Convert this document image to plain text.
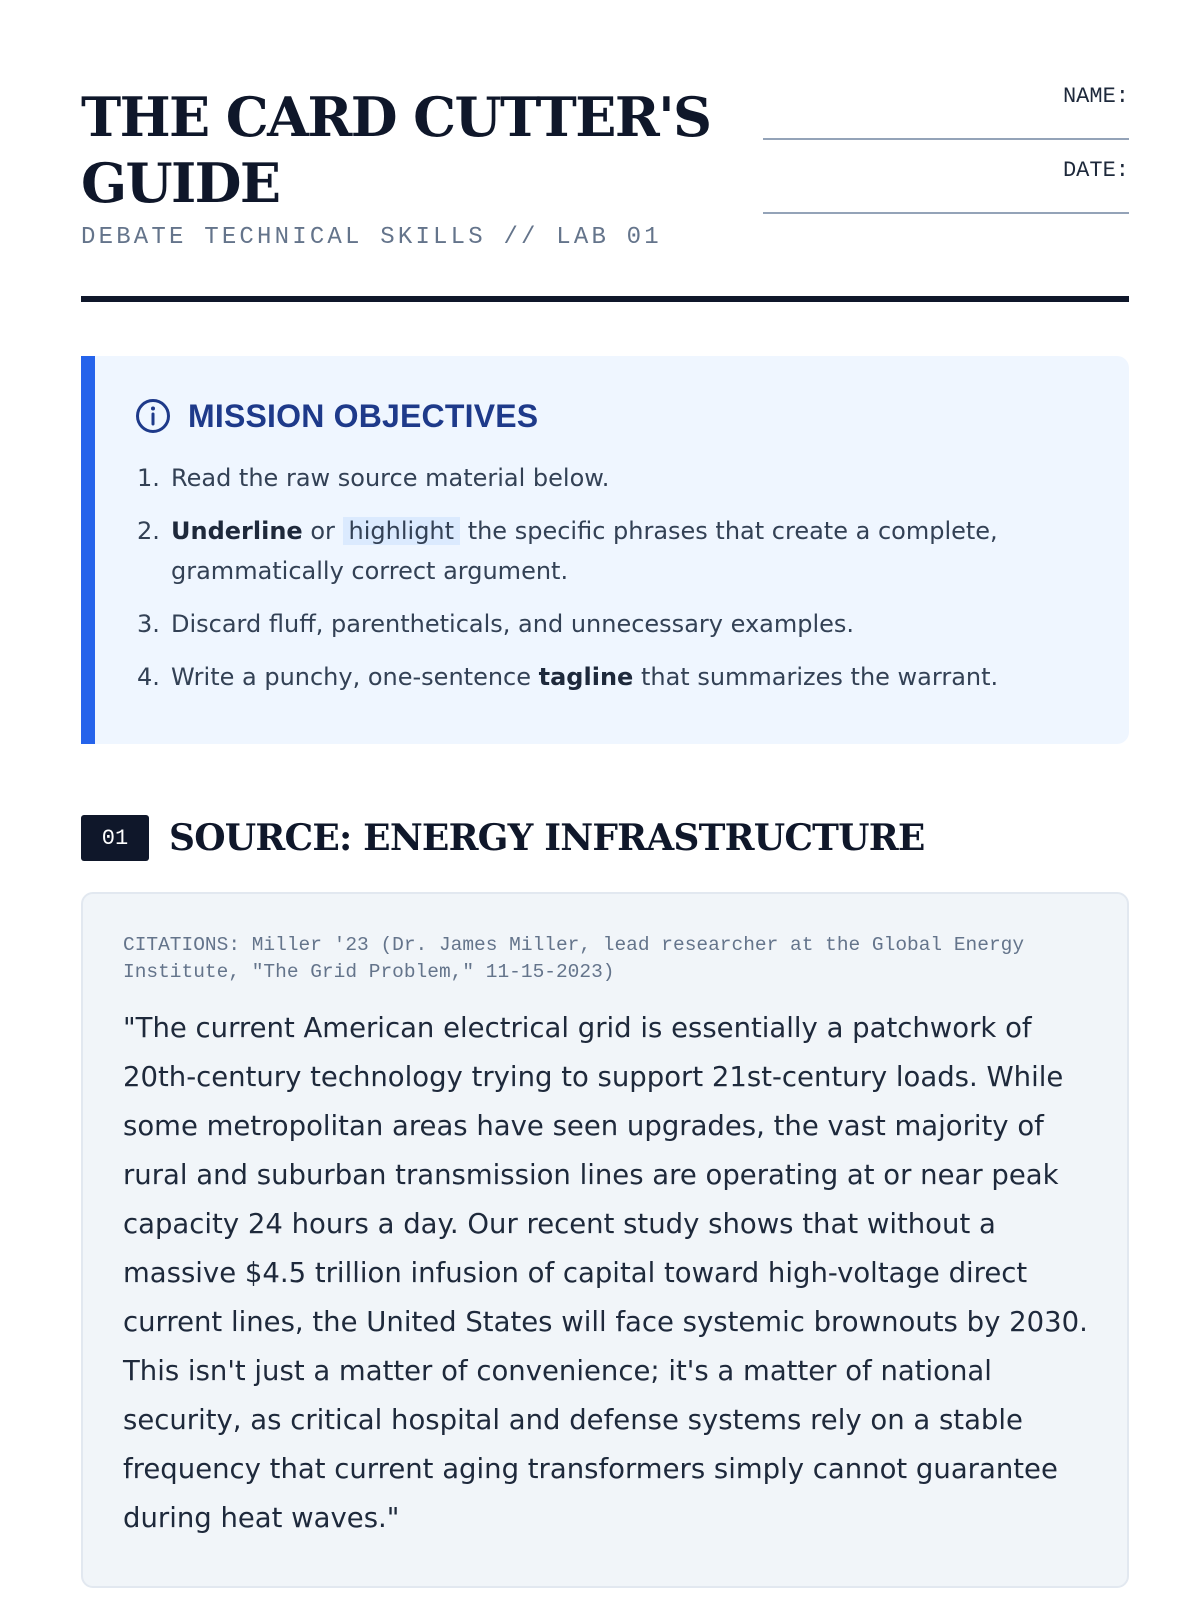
THE CARD CUTTER'S GUIDE
DEBATE TECHNICAL SKILLS // LAB 01
NAME:
DATE:
MISSION OBJECTIVES
1. Read the raw source material below.
2. Underline or highlight the specific phrases that create a complete, grammatically correct argument.
3. Discard fluff, parentheticals, and unnecessary examples.
4. Write a punchy, one-sentence tagline that summarizes the warrant.
01	SOURCE: ENERGY INFRASTRUCTURE
CITATIONS: Miller '23 (Dr. James Miller, lead researcher at the Global Energy Institute, "The Grid Problem," 11-15-2023)

"The current American electrical grid is essentially a patchwork of 20th-century technology trying to support 21st-century loads. While some metropolitan areas have seen upgrades, the vast majority of rural and suburban transmission lines are operating at or near peak capacity 24 hours a day. Our recent study shows that without a massive $4.5 trillion infusion of capital toward high-voltage direct current lines, the United States will face systemic brownouts by 2030. This isn't just a matter of convenience; it's a matter of national security, as critical hospital and defense systems rely on a stable frequency that current aging transformers simply cannot guarantee during heat waves."
